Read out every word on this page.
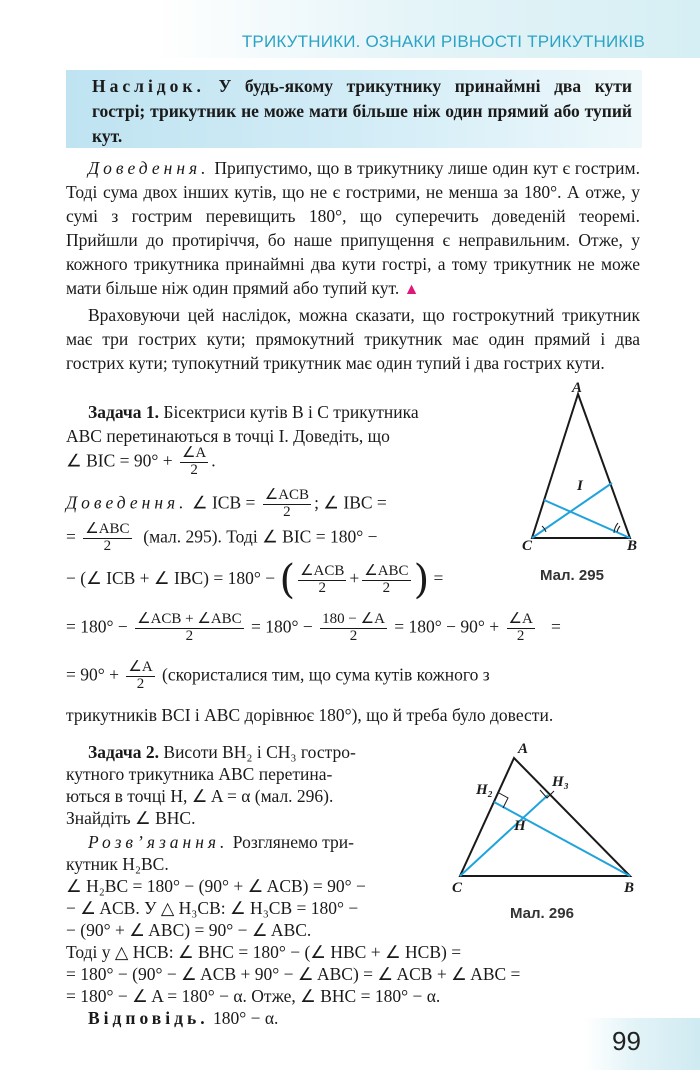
ТРИКУТНИКИ. ОЗНАКИ РІВНОСТІ ТРИКУТНИКІВ
Наслідок. У будь-якому трикутнику принаймні два кути гострі; трикутник не може мати більше ніж один прямий або тупий кут.
Доведення. Припустимо, що в трикутнику лише один кут є гострим. Тоді сума двох інших кутів, що не є гострими, не менша за 180°. А отже, у сумі з гострим перевищить 180°, що суперечить доведеній теоремі. Прийшли до протиріччя, бо наше припущення є неправильним. Отже, у кожного трикутника принаймні два кути гострі, а тому трикутник не може мати більше ніж один прямий або тупий кут. ▲
Враховуючи цей наслідок, можна сказати, що гострокутний трикутник має три гострих кути; прямокутний трикутник має один прямий і два гострих кути; тупокутний трикутник має один тупий і два гострих кути.
Задача 1. Бісектриси кутів B і C трикутника
ABC перетинаються в точці I. Доведіть, що
∠ BIC = $90^\circ + \frac{\angle A}{2}$ .
Доведення. ∠ ICB = $\frac{\text{∠ACB}}{2}$ ; ∠ IBC =
= $\frac{\text{∠ABC}}{2} (мал$. 295). Тоді ∠ BIC = 180° −
− (∠ ICB + ∠ IBC) = 180° − ( $\frac{\text{∠ACB}}{2} + \frac{\text{∠ABC}}{2}$ ) =
= $180^\circ - \frac{\text{∠ACB + ∠ABC}}{2} = 180^\circ - \frac{180 - \angle A}{2} = 180^\circ - 90^\circ + \frac{\angle A}{2}$ =
= $90^\circ + \frac{\angle A}{2}$ (скористалися тим, що сума кутів кожного з
трикутників BCI і ABC дорівнює 180°), що й треба було довести.
A
I
C	B
Мал. 295
Задача 2. Висоти BH₂ і CH₃ гостро-
кутного трикутника ABC перетина-
ються в точці H, ∠ A = α (мал. 296).
Знайдіть ∠ BHC.
Розв’язання. Розглянемо три-
кутник H₂BC.
∠ H₂BC = 180° − (90° + ∠ ACB) = 90° −
− ∠ ACB. У △ H₃CB: ∠ H₃CB = 180° −
− (90° + ∠ ABC) = 90° − ∠ ABC.
Тоді у △ HCB: ∠ BHC = 180° − (∠ HBC + ∠ HCB) =
= 180° − (90° − ∠ ACB + 90° − ∠ ABC) = ∠ ACB + ∠ ABC =
= 180° − ∠ A = 180° − α. Отже, ∠ BHC = 180° − α.
Відповідь. 180° − α.
A
H₂	H₃
H
C	B
Мал. 296
99
